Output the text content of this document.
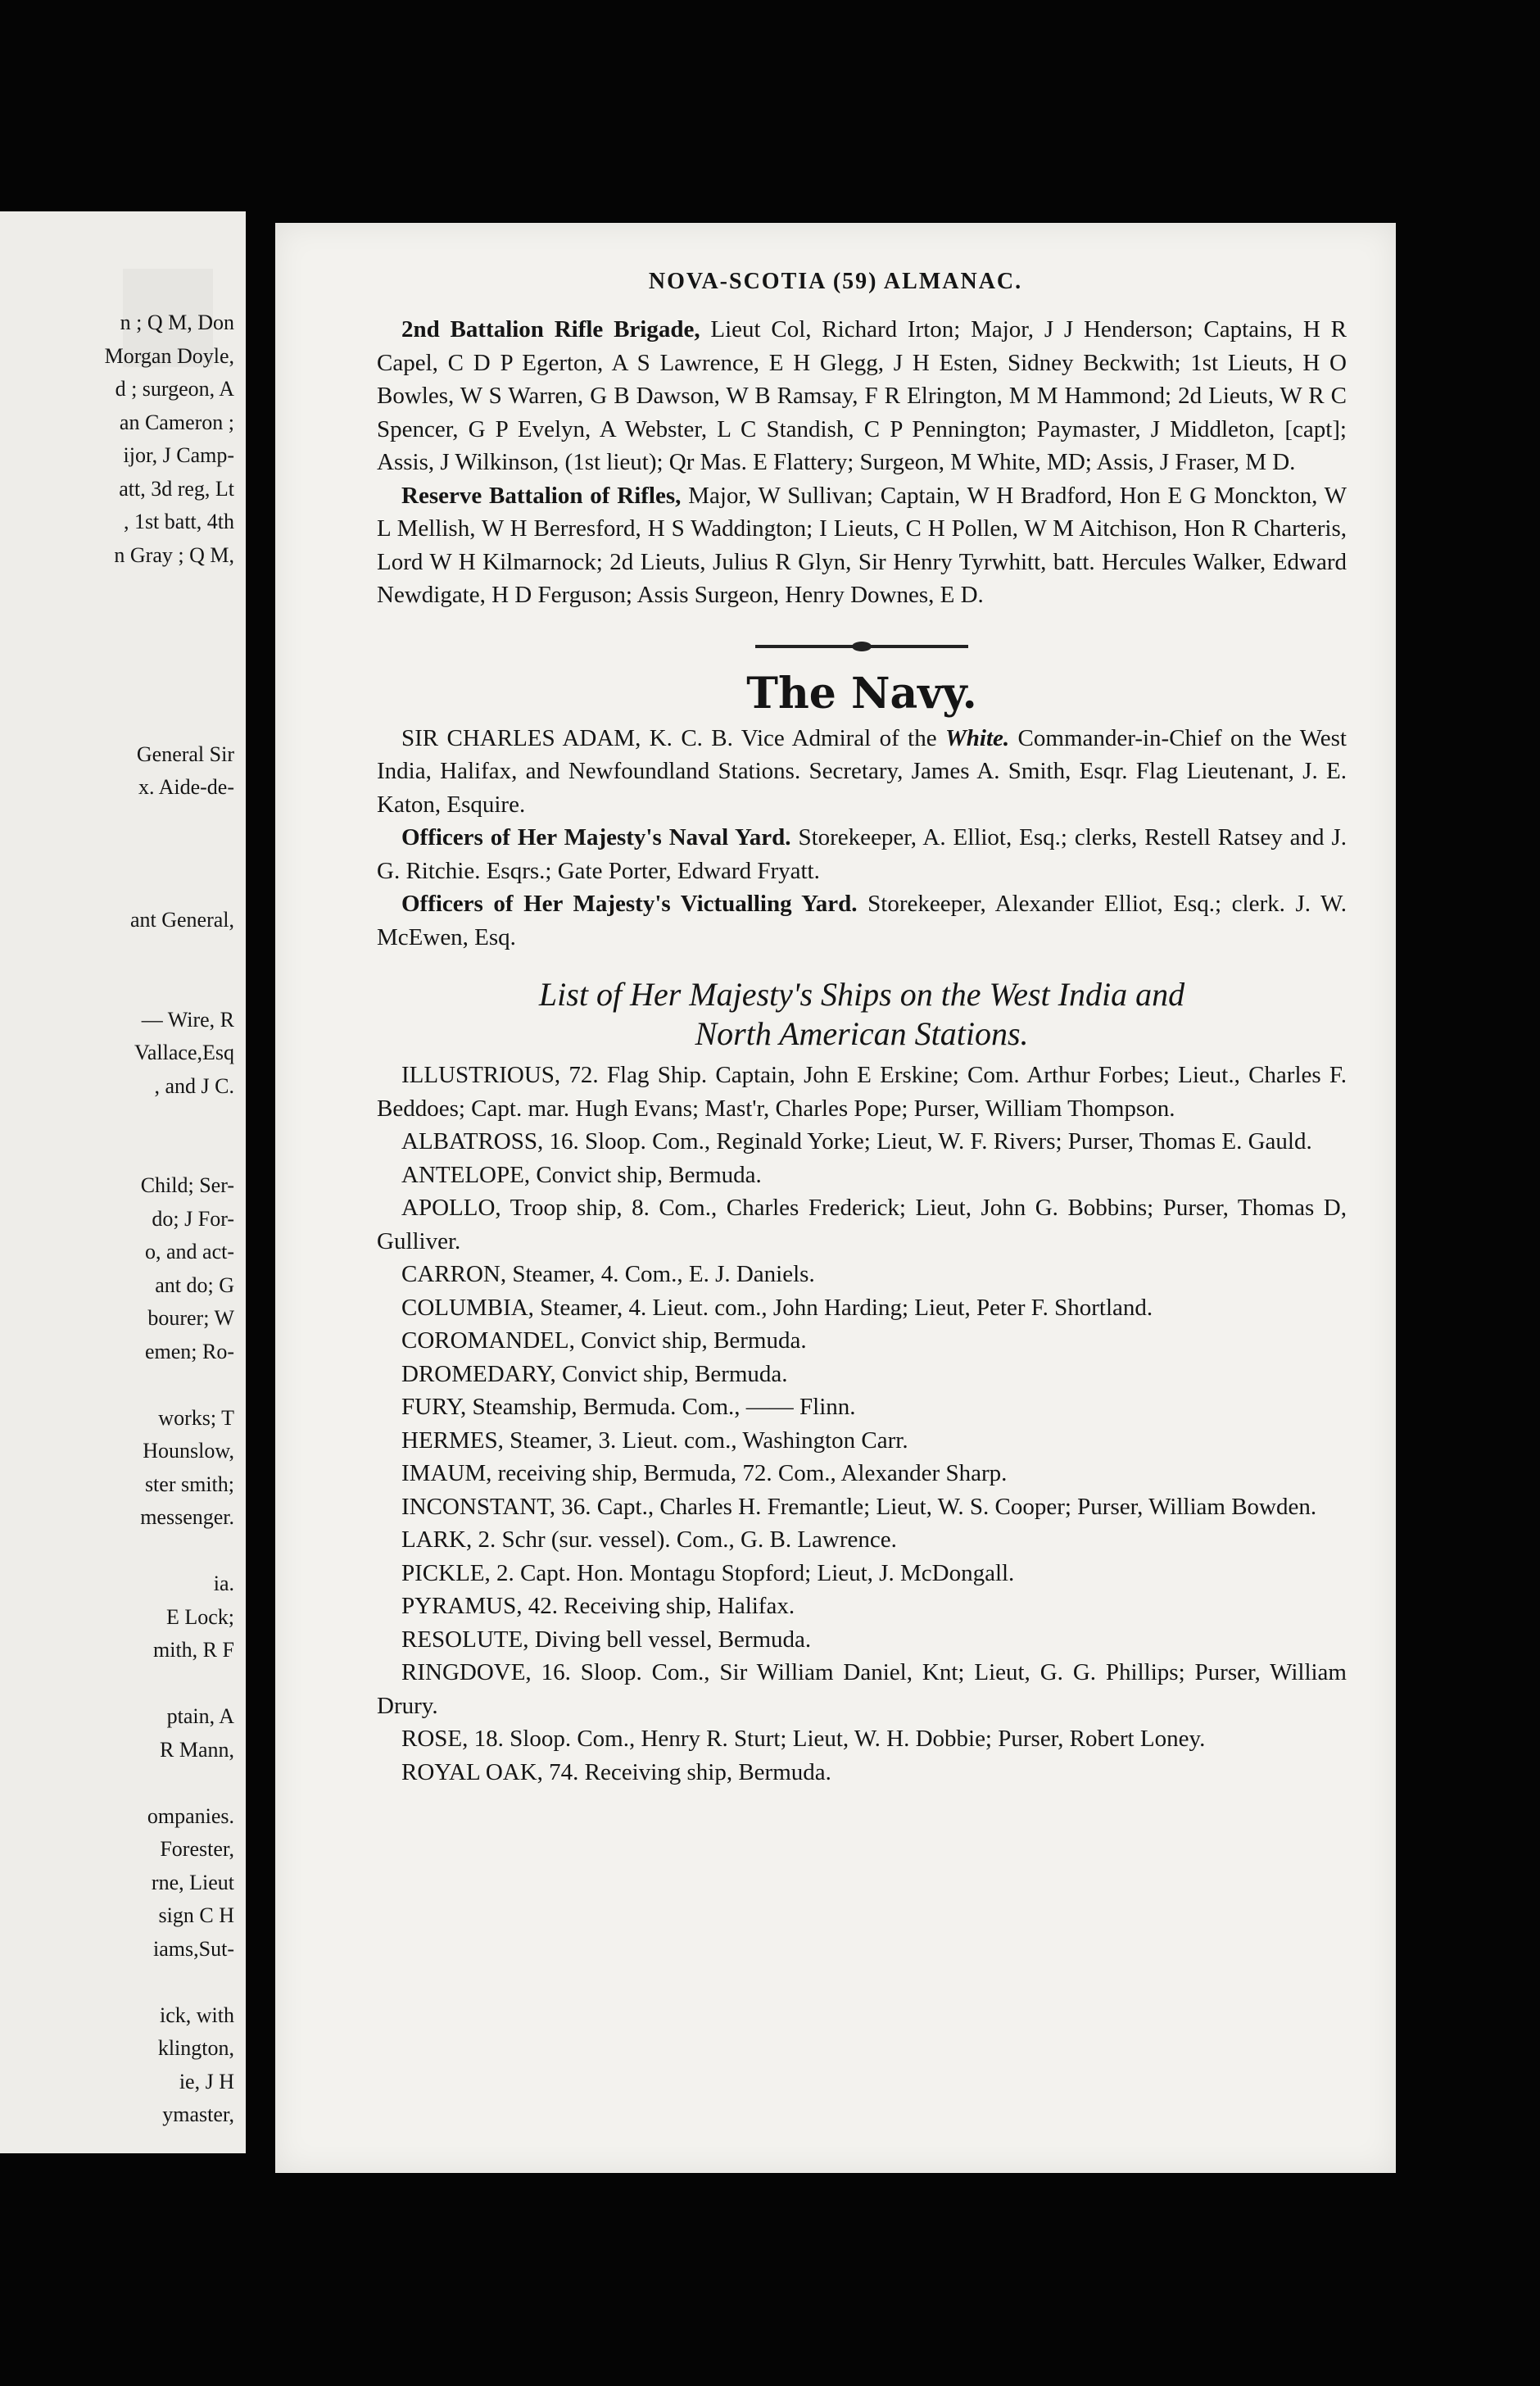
n ; Q M, Don
Morgan Doyle,
d ; surgeon, A
an Cameron ;
ijor, J Camp-
att, 3d reg, Lt
, 1st batt, 4th
n Gray ; Q M,
General Sir
x. Aide-de-
ant General,
— Wire, R
Vallace,Esq
, and J C.
Child; Ser-
do; J For-
o, and act-
ant do; G
bourer; W
emen; Ro-
works; T
Hounslow,
ster smith;
messenger.
ia.
E Lock;
mith, R F
ptain, A
R Mann,
ompanies.
Forester,
rne, Lieut
sign C H
iams,Sut-
ick, with
klington,
ie, J H
ymaster,
NOVA-SCOTIA (59) ALMANAC.

2nd Battalion Rifle Brigade, Lieut Col, Richard Irton; Major, J J Henderson; Captains, H R Capel, C D P Egerton, A S Lawrence, E H Glegg, J H Esten, Sidney Beckwith; 1st Lieuts, H O Bowles, W S Warren, G B Dawson, W B Ramsay, F R Elrington, M M Hammond; 2d Lieuts, W R C Spencer, G P Evelyn, A Webster, L C Standish, C P Pennington; Paymaster, J Middleton, [capt]; Assis, J Wilkinson, (1st lieut); Qr Mas. E Flattery; Surgeon, M White, MD; Assis, J Fraser, M D.

Reserve Battalion of Rifles, Major, W Sullivan; Captain, W H Bradford, Hon E G Monckton, W L Mellish, W H Berresford, H S Waddington; I Lieuts, C H Pollen, W M Aitchison, Hon R Charteris, Lord W H Kilmarnock; 2d Lieuts, Julius R Glyn, Sir Henry Tyrwhitt, batt. Hercules Walker, Edward Newdigate, H D Ferguson; Assis Surgeon, Henry Downes, E D.

The Navy.

SIR CHARLES ADAM, K. C. B. Vice Admiral of the White. Commander-in-Chief on the West India, Halifax, and Newfoundland Stations. Secretary, James A. Smith, Esqr. Flag Lieutenant, J. E. Katon, Esquire.

Officers of Her Majesty's Naval Yard. Storekeeper, A. Elliot, Esq.; clerks, Restell Ratsey and J. G. Ritchie. Esqrs.; Gate Porter, Edward Fryatt.

Officers of Her Majesty's Victualling Yard. Storekeeper, Alexander Elliot, Esq.; clerk. J. W. McEwen, Esq.

List of Her Majesty's Ships on the West India and
North American Stations.

ILLUSTRIOUS, 72. Flag Ship. Captain, John E Erskine; Com. Arthur Forbes; Lieut., Charles F. Beddoes; Capt. mar. Hugh Evans; Mast'r, Charles Pope; Purser, William Thompson.

ALBATROSS, 16. Sloop. Com., Reginald Yorke; Lieut, W. F. Rivers; Purser, Thomas E. Gauld.

ANTELOPE, Convict ship, Bermuda.

APOLLO, Troop ship, 8. Com., Charles Frederick; Lieut, John G. Bobbins; Purser, Thomas D, Gulliver.

CARRON, Steamer, 4. Com., E. J. Daniels.

COLUMBIA, Steamer, 4. Lieut. com., John Harding; Lieut, Peter F. Shortland.

COROMANDEL, Convict ship, Bermuda.

DROMEDARY, Convict ship, Bermuda.

FURY, Steamship, Bermuda. Com., —— Flinn.

HERMES, Steamer, 3. Lieut. com., Washington Carr.

IMAUM, receiving ship, Bermuda, 72. Com., Alexander Sharp.

INCONSTANT, 36. Capt., Charles H. Fremantle; Lieut, W. S. Cooper; Purser, William Bowden.

LARK, 2. Schr (sur. vessel). Com., G. B. Lawrence.

PICKLE, 2. Capt. Hon. Montagu Stopford; Lieut, J. McDongall.

PYRAMUS, 42. Receiving ship, Halifax.

RESOLUTE, Diving bell vessel, Bermuda.

RINGDOVE, 16. Sloop. Com., Sir William Daniel, Knt; Lieut, G. G. Phillips; Purser, William Drury.

ROSE, 18. Sloop. Com., Henry R. Sturt; Lieut, W. H. Dobbie; Purser, Robert Loney.

ROYAL OAK, 74. Receiving ship, Bermuda.
